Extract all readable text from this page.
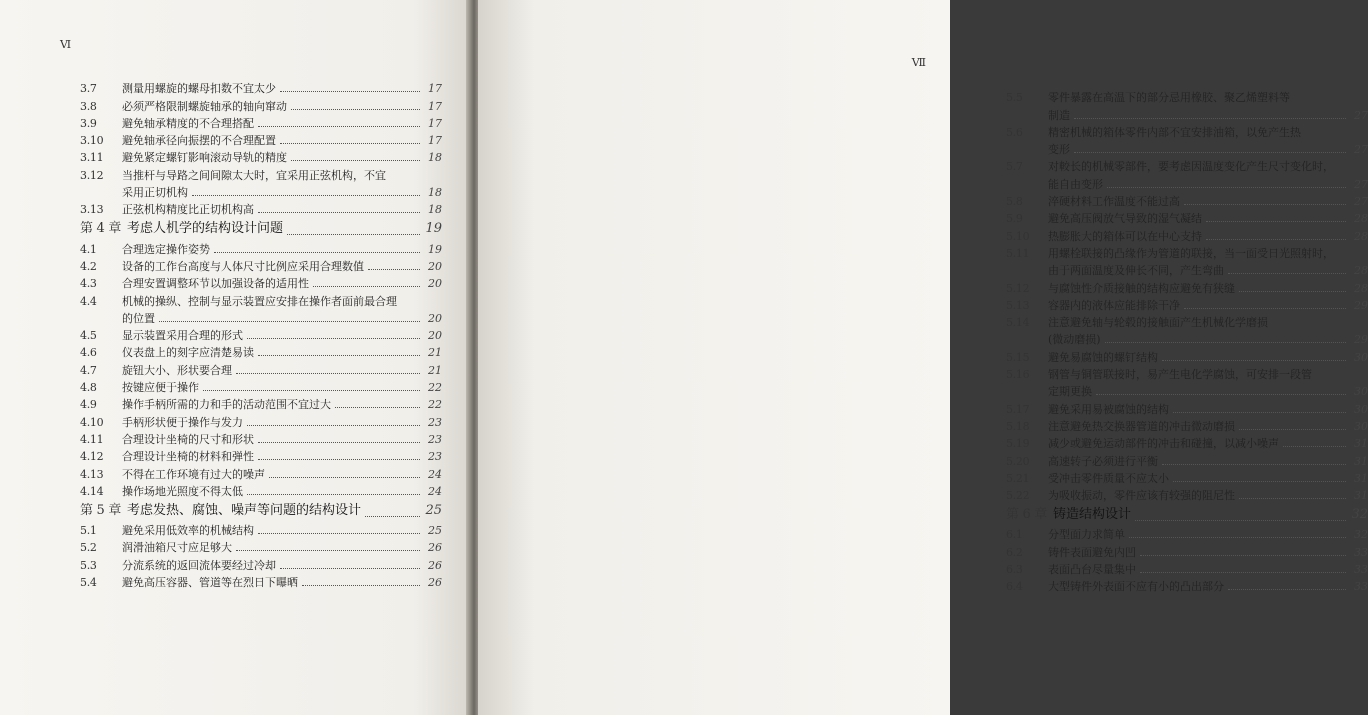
Ⅵ
3.7	测量用螺旋的螺母扣数不宜太少	17
3.8	必须严格限制螺旋轴承的轴向窜动	17
3.9	避免轴承精度的不合理搭配	17
3.10	避免轴承径向振摆的不合理配置	17
3.11	避免紧定螺钉影响滚动导轨的精度	18
3.12	当推杆与导路之间间隙太大时，宜采用正弦机构，不宜
采用正切机构	18
3.13	正弦机构精度比正切机构高	18
第 4 章 考虑人机学的结构设计问题	19
4.1	合理选定操作姿势	19
4.2	设备的工作台高度与人体尺寸比例应采用合理数值	20
4.3	合理安置调整环节以加强设备的适用性	20
4.4	机械的操纵、控制与显示装置应安排在操作者面前最合理
的位置	20
4.5	显示装置采用合理的形式	20
4.6	仪表盘上的刻字应清楚易读	21
4.7	旋钮大小、形状要合理	21
4.8	按键应便于操作	22
4.9	操作手柄所需的力和手的活动范围不宜过大	22
4.10	手柄形状便于操作与发力	23
4.11	合理设计坐椅的尺寸和形状	23
4.12	合理设计坐椅的材料和弹性	23
4.13	不得在工作环境有过大的噪声	24
4.14	操作场地光照度不得太低	24
第 5 章 考虑发热、腐蚀、噪声等问题的结构设计	25
5.1	避免采用低效率的机械结构	25
5.2	润滑油箱尺寸应足够大	26
5.3	分流系统的返回流体要经过冷却	26
5.4	避免高压容器、管道等在烈日下曝晒	26
Ⅶ
5.5	零件暴露在高温下的部分忌用橡胶、聚乙烯塑料等
制造	27
5.6	精密机械的箱体零件内部不宜安排油箱，以免产生热
变形	27
5.7	对較长的机械零部件，要考虑因温度变化产生尺寸变化时，
能自由变形	27
5.8	淬硬材料工作温度不能过高	27
5.9	避免高压阀放气导致的湿气凝结	28
5.10	热膨胀大的箱体可以在中心支持	28
5.11	用螺栓联接的凸缘作为管道的联接，当一面受日光照射时，
由于两面温度及伸长不同，产生弯曲	28
5.12	与腐蚀性介质接触的结构应避免有狭缝	28
5.13	容器内的液体应能排除干净	29
5.14	注意避免轴与轮毂的接触面产生机械化学磨损
(微动磨损)	29
5.15	避免易腐蚀的螺钉结构	30
5.16	钢管与铜管联接时，易产生电化学腐蚀，可安排一段管
定期更换	30
5.17	避免采用易被腐蚀的结构	30
5.18	注意避免热交换器管道的冲击微动磨损	30
5.19	减少或避免运动部件的冲击和碰撞，以减小噪声	31
5.20	高速转子必须进行平衡	31
5.21	受冲击零件质量不应太小	31
5.22	为吸收振动，零件应该有较强的阻尼性	31
第 6 章 铸造结构设计	32
6.1	分型面力求简单	32
6.2	铸件表面避免内凹	33
6.3	表面凸台尽量集中	33
6.4	大型铸件外表面不应有小的凸出部分	33
